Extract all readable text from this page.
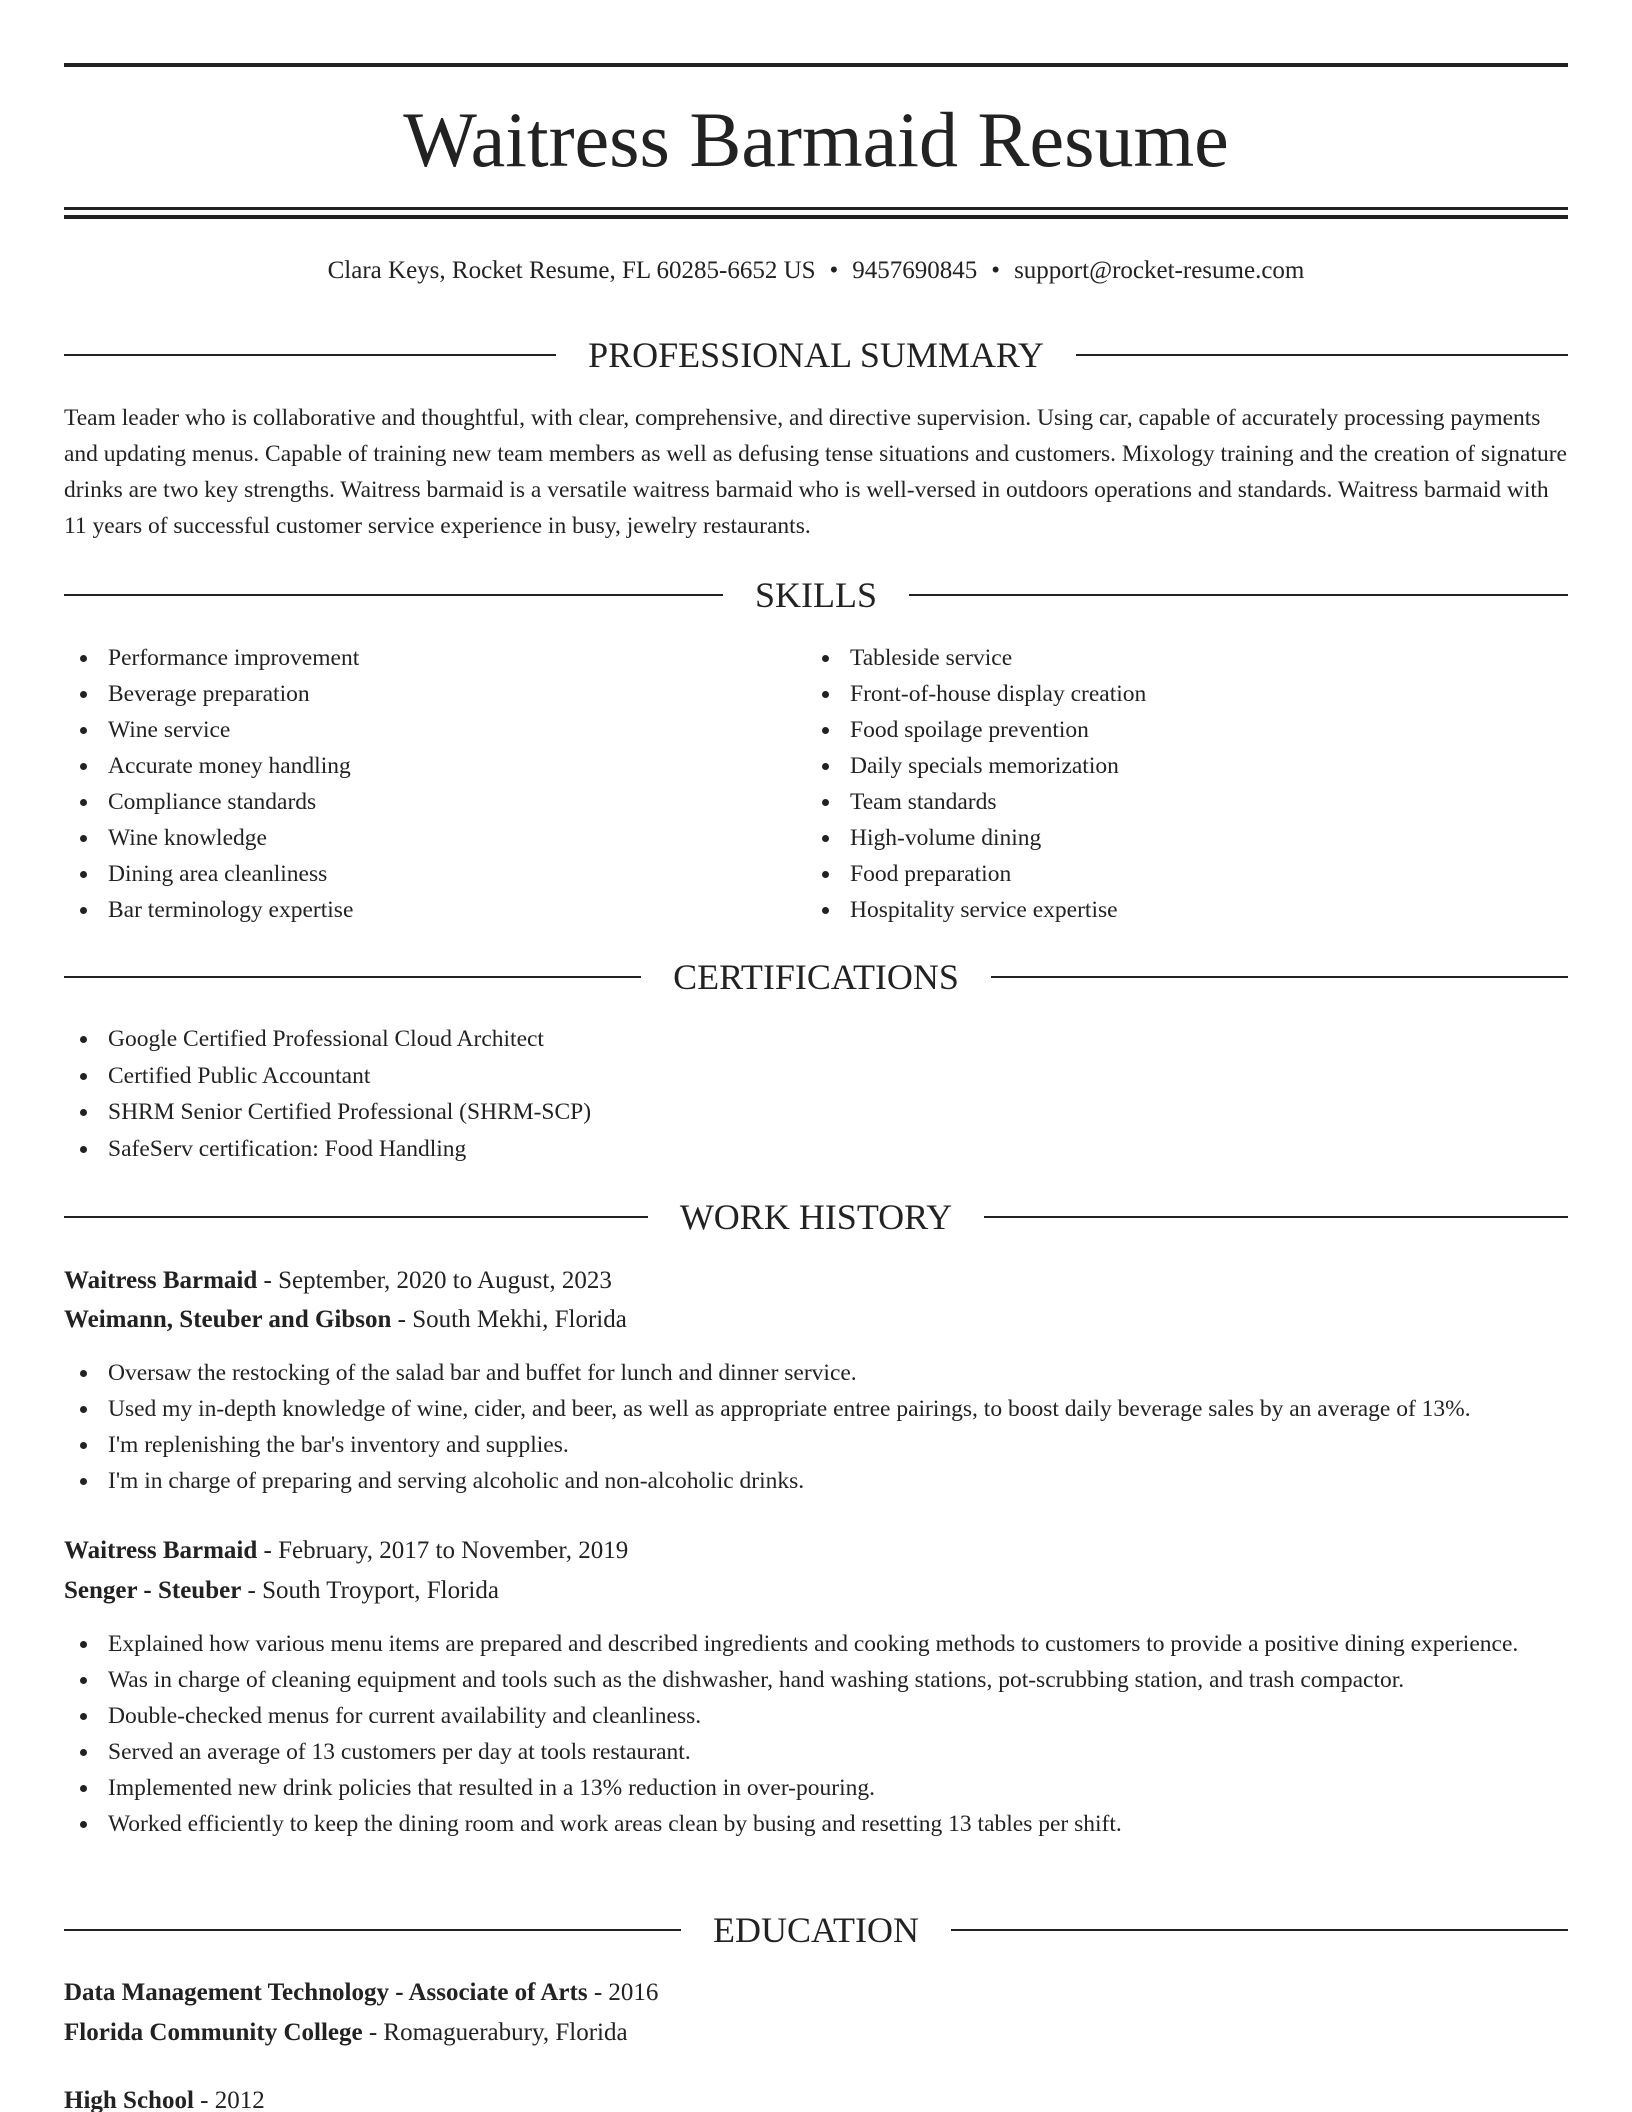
Waitress Barmaid Resume
Clara Keys, Rocket Resume, FL 60285-6652 US • 9457690845 • support@rocket-resume.com
PROFESSIONAL SUMMARY

Team leader who is collaborative and thoughtful, with clear, comprehensive, and directive supervision. Using car, capable of accurately processing payments and updating menus. Capable of training new team members as well as defusing tense situations and customers. Mixology training and the creation of signature drinks are two key strengths. Waitress barmaid is a versatile waitress barmaid who is well-versed in outdoors operations and standards. Waitress barmaid with 11 years of successful customer service experience in busy, jewelry restaurants.

SKILLS
Performance improvement
Beverage preparation
Wine service
Accurate money handling
Compliance standards
Wine knowledge
Dining area cleanliness
Bar terminology expertise
Tableside service
Front-of-house display creation
Food spoilage prevention
Daily specials memorization
Team standards
High-volume dining
Food preparation
Hospitality service expertise
CERTIFICATIONS
Google Certified Professional Cloud Architect
Certified Public Accountant
SHRM Senior Certified Professional (SHRM-SCP)
SafeServ certification: Food Handling
WORK HISTORY
Waitress Barmaid - September, 2020 to August, 2023
Weimann, Steuber and Gibson - South Mekhi, Florida
Oversaw the restocking of the salad bar and buffet for lunch and dinner service.
Used my in-depth knowledge of wine, cider, and beer, as well as appropriate entree pairings, to boost daily beverage sales by an average of 13%.
I'm replenishing the bar's inventory and supplies.
I'm in charge of preparing and serving alcoholic and non-alcoholic drinks.
Waitress Barmaid - February, 2017 to November, 2019
Senger - Steuber - South Troyport, Florida
Explained how various menu items are prepared and described ingredients and cooking methods to customers to provide a positive dining experience.
Was in charge of cleaning equipment and tools such as the dishwasher, hand washing stations, pot-scrubbing station, and trash compactor.
Double-checked menus for current availability and cleanliness.
Served an average of 13 customers per day at tools restaurant.
Implemented new drink policies that resulted in a 13% reduction in over-pouring.
Worked efficiently to keep the dining room and work areas clean by busing and resetting 13 tables per shift.
EDUCATION
Data Management Technology - Associate of Arts - 2016
Florida Community College - Romaguerabury, Florida
High School - 2012
